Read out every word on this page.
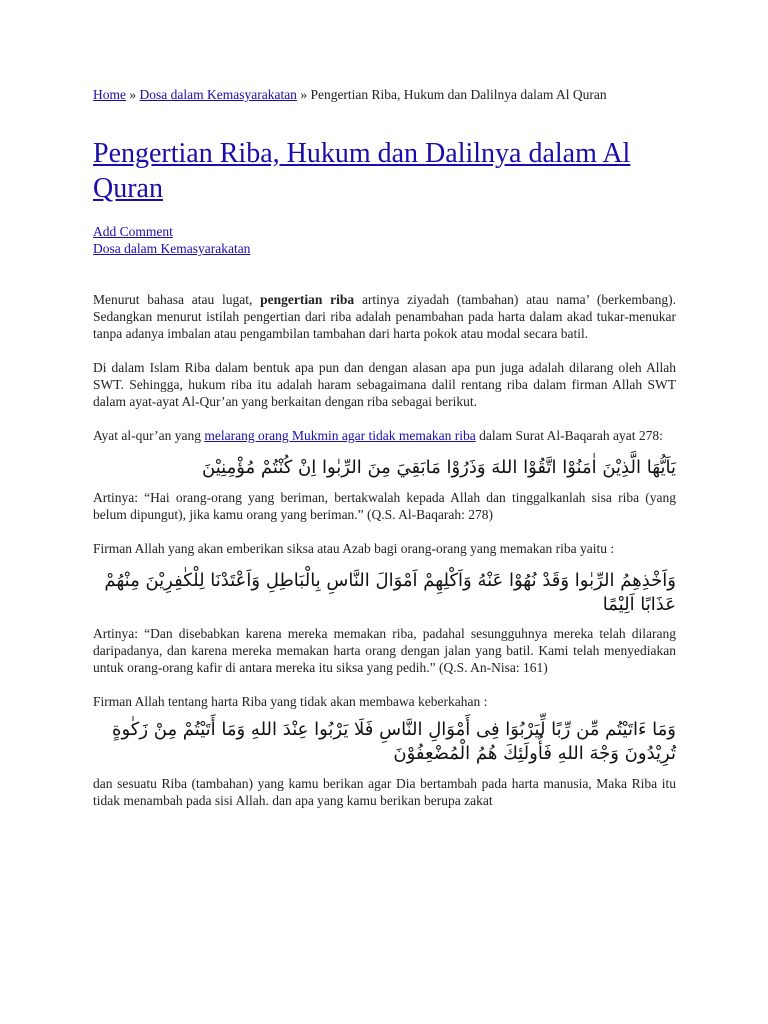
Home » Dosa dalam Kemasyarakatan » Pengertian Riba, Hukum dan Dalilnya dalam Al Quran
Pengertian Riba, Hukum dan Dalilnya dalam Al Quran
Add Comment
Dosa dalam Kemasyarakatan

Menurut bahasa atau lugat, pengertian riba artinya ziyadah (tambahan) atau nama’ (berkembang). Sedangkan menurut istilah pengertian dari riba adalah penambahan pada harta dalam akad tukar-menukar tanpa adanya imbalan atau pengambilan tambahan dari harta pokok atau modal secara batil.

Di dalam Islam Riba dalam bentuk apa pun dan dengan alasan apa pun juga adalah dilarang oleh Allah SWT. Sehingga, hukum riba itu adalah haram sebagaimana dalil rentang riba dalam firman Allah SWT dalam ayat-ayat Al-Qur’an yang berkaitan dengan riba sebagai berikut.

Ayat al-qur’an yang melarang orang Mukmin agar tidak memakan riba dalam Surat Al-Baqarah ayat 278:

يَاَيُّهَا الَّذِيْنَ اٰمَنُوْا اتَّقُوْا اللهَ وَذَرُوْا مَابَقِيَ مِنَ الرِّبٰوا اِنْ كُنْتُمْ مُؤْمِنِيْنَ

Artinya: “Hai orang-orang yang beriman, bertakwalah kepada Allah dan tinggalkanlah sisa riba (yang belum dipungut), jika kamu orang yang beriman.” (Q.S. Al-Baqarah: 278)

Firman Allah yang akan emberikan siksa atau Azab bagi orang-orang yang memakan riba yaitu :

وَاَخْذِهِمُ الرِّبٰوا وَقَدْ نُهُوْا عَنْهُ وَاَكْلِهِمْ اَمْوَالَ النَّاسِ بِالْبَاطِلِ وَاَعْتَدْنَا لِلْكٰفِرِيْنَ مِنْهُمْ عَذَابًا اَلِيْمًا

Artinya: “Dan disebabkan karena mereka memakan riba, padahal sesungguhnya mereka telah dilarang daripadanya, dan karena mereka memakan harta orang dengan jalan yang batil. Kami telah menyediakan untuk orang-orang kafir di antara mereka itu siksa yang pedih.” (Q.S. An-Nisa: 161)

Firman Allah tentang harta Riba yang tidak akan membawa keberkahan :

وَمَا ءَاتَيْتُم مِّن رِّبًا لِّيَرْبُوَا فِى أَمْوَالِ النَّاسِ فَلَا يَرْبُوا عِنْدَ اللهِ وَمَا أَتَيْتُمْ مِنْ زَكٰوةٍ تُرِيْدُونَ وَجْهَ اللهِ فَأُولَئِكَ هُمُ الْمُضْعِفُوْنَ

dan sesuatu Riba (tambahan) yang kamu berikan agar Dia bertambah pada harta manusia, Maka Riba itu tidak menambah pada sisi Allah. dan apa yang kamu berikan berupa zakat
